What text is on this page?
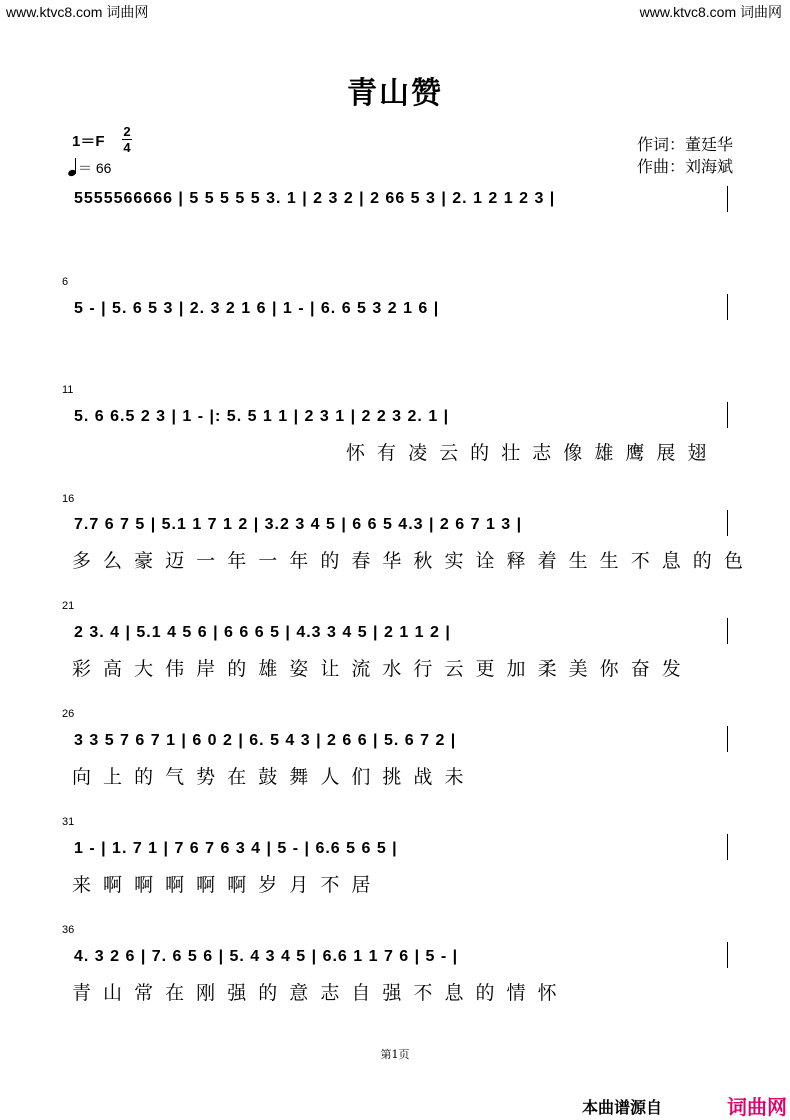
www.ktvc8.com 词曲网	www.ktvc8.com 词曲网
青山赞
1＝F
2
4
＝ 66
作词：董廷华
作曲：刘海斌
5555566666 | 5 5 5 5 5 3. 1 | 2 3 2 | 2 66 5 3 | 2. 1 2 1 2 3 |
6
5 - | 5. 6 5 3 | 2. 3 2 1 6 | 1 - | 6. 6 5 3 2 1 6 |
11
5. 6 6.5 2 3 | 1 - |: 5. 5 1 1 | 2 3 1 | 2 2 3 2. 1 |
怀 有 凌 云 的 壮 志 像 雄 鹰 展 翅
16
7.7 6 7 5 | 5.1 1 7 1 2 | 3.2 3 4 5 | 6 6 5 4.3 | 2 6 7 1 3 |
多 么 豪 迈 一 年 一 年 的 春 华 秋 实 诠 释 着 生 生 不 息 的 色
21
2 3. 4 | 5.1 4 5 6 | 6 6 6 5 | 4.3 3 4 5 | 2 1 1 2 |
彩 高 大 伟 岸 的 雄 姿 让 流 水 行 云 更 加 柔 美 你 奋 发
26
3 3 5 7 6 7 1 | 6 0 2 | 6. 5 4 3 | 2 6 6 | 5. 6 7 2 |
向 上 的 气 势 在 鼓 舞 人 们 挑 战 未
31
1 - | 1. 7 1 | 7 6 7 6 3 4 | 5 - | 6.6 5 6 5 |
来 啊 啊 啊 啊 啊 岁 月 不 居
36
4. 3 2 6 | 7. 6 5 6 | 5. 4 3 4 5 | 6.6 1 1 7 6 | 5 - |
青 山 常 在 刚 强 的 意 志 自 强 不 息 的 情 怀
第1页
本曲谱源自	词曲网
